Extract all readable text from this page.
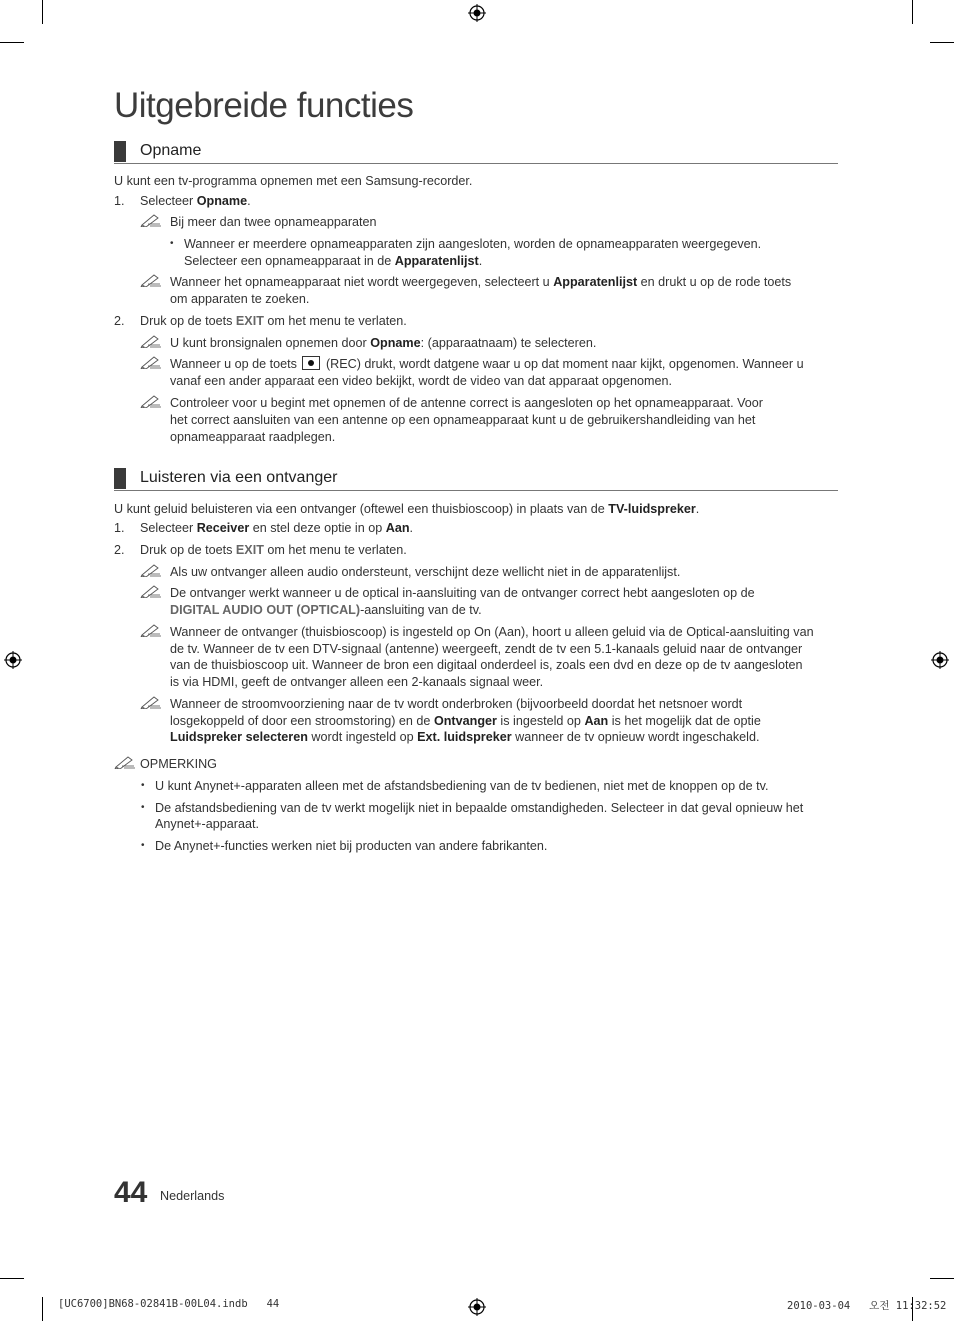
Uitgebreide functies
Opname
U kunt een tv-programma opnemen met een Samsung-recorder.
1. Selecteer Opname.
Bij meer dan twee opnameapparaten
• Wanneer er meerdere opnameapparaten zijn aangesloten, worden de opnameapparaten weergegeven.
Selecteer een opnameapparaat in de Apparatenlijst.
Wanneer het opnameapparaat niet wordt weergegeven, selecteert u Apparatenlijst en drukt u op de rode toets
om apparaten te zoeken.
2. Druk op de toets EXIT om het menu te verlaten.
U kunt bronsignalen opnemen door Opname: (apparaatnaam) te selecteren.
Wanneer u op de toets  (REC) drukt, wordt datgene waar u op dat moment naar kijkt, opgenomen. Wanneer u
vanaf een ander apparaat een video bekijkt, wordt de video van dat apparaat opgenomen.
Controleer voor u begint met opnemen of de antenne correct is aangesloten op het opnameapparaat. Voor
het correct aansluiten van een antenne op een opnameapparaat kunt u de gebruikershandleiding van het
opnameapparaat raadplegen.
Luisteren via een ontvanger
U kunt geluid beluisteren via een ontvanger (oftewel een thuisbioscoop) in plaats van de TV-luidspreker.
1. Selecteer Receiver en stel deze optie in op Aan.
2. Druk op de toets EXIT om het menu te verlaten.
Als uw ontvanger alleen audio ondersteunt, verschijnt deze wellicht niet in de apparatenlijst.
De ontvanger werkt wanneer u de optical in-aansluiting van de ontvanger correct hebt aangesloten op de
DIGITAL AUDIO OUT (OPTICAL)-aansluiting van de tv.
Wanneer de ontvanger (thuisbioscoop) is ingesteld op On (Aan), hoort u alleen geluid via de Optical-aansluiting van
de tv. Wanneer de tv een DTV-signaal (antenne) weergeeft, zendt de tv een 5.1-kanaals geluid naar de ontvanger
van de thuisbioscoop uit. Wanneer de bron een digitaal onderdeel is, zoals een dvd en deze op de tv aangesloten
is via HDMI, geeft de ontvanger alleen een 2-kanaals signaal weer.
Wanneer de stroomvoorziening naar de tv wordt onderbroken (bijvoorbeeld doordat het netsnoer wordt
losgekoppeld of door een stroomstoring) en de Ontvanger is ingesteld op Aan is het mogelijk dat de optie
Luidspreker selecteren wordt ingesteld op Ext. luidspreker wanneer de tv opnieuw wordt ingeschakeld.
OPMERKING
• U kunt Anynet+-apparaten alleen met de afstandsbediening van de tv bedienen, niet met de knoppen op de tv.
• De afstandsbediening van de tv werkt mogelijk niet in bepaalde omstandigheden. Selecteer in dat geval opnieuw het
Anynet+-apparaat.
• De Anynet+-functies werken niet bij producten van andere fabrikanten.
44 Nederlands
[UC6700]BN68-02841B-00L04.indb   44	2010-03-04   오전 11:32:52
